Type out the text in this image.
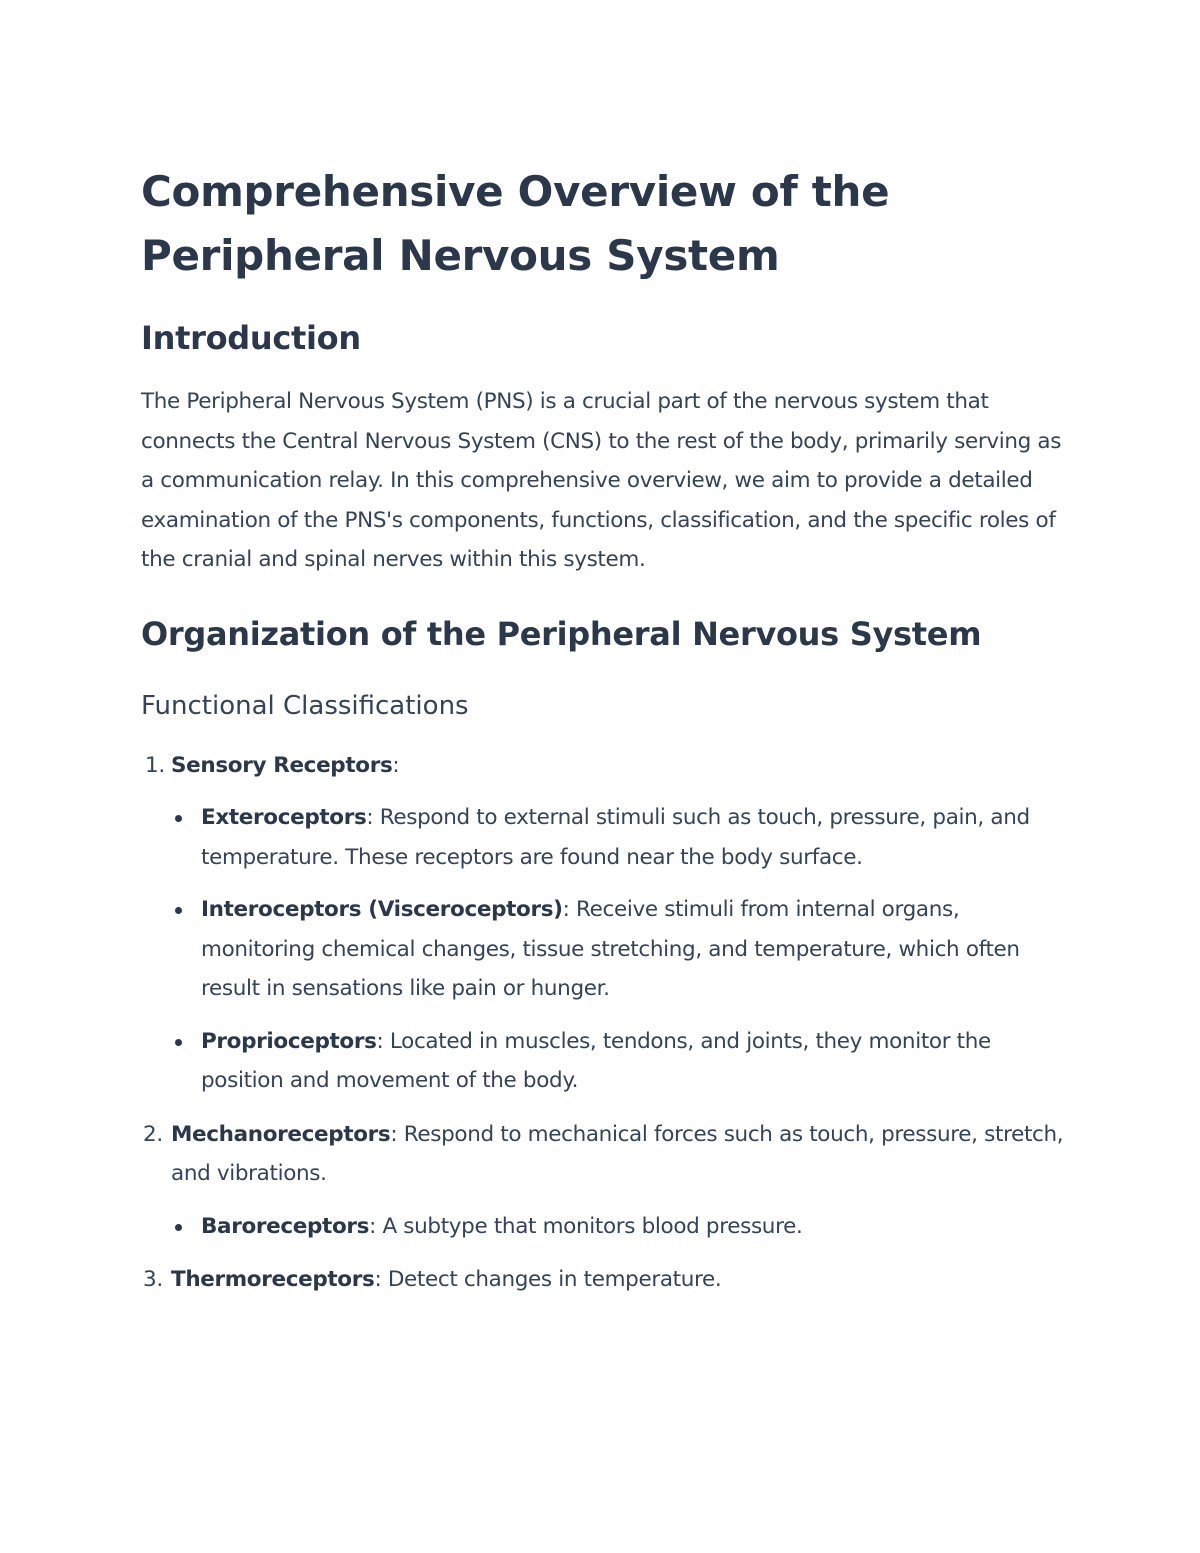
Comprehensive Overview of the Peripheral Nervous System
Introduction

The Peripheral Nervous System (PNS) is a crucial part of the nervous system that connects the Central Nervous System (CNS) to the rest of the body, primarily serving as a communication relay. In this comprehensive overview, we aim to provide a detailed examination of the PNS's components, functions, classification, and the specific roles of the cranial and spinal nerves within this system.

Organization of the Peripheral Nervous System
Functional Classifications
1. Sensory Receptors:
Exteroceptors: Respond to external stimuli such as touch, pressure, pain, and temperature. These receptors are found near the body surface.
Interoceptors (Visceroceptors): Receive stimuli from internal organs, monitoring chemical changes, tissue stretching, and temperature, which often result in sensations like pain or hunger.
Proprioceptors: Located in muscles, tendons, and joints, they monitor the position and movement of the body.
2. Mechanoreceptors: Respond to mechanical forces such as touch, pressure, stretch, and vibrations.
Baroreceptors: A subtype that monitors blood pressure.
3. Thermoreceptors: Detect changes in temperature.
